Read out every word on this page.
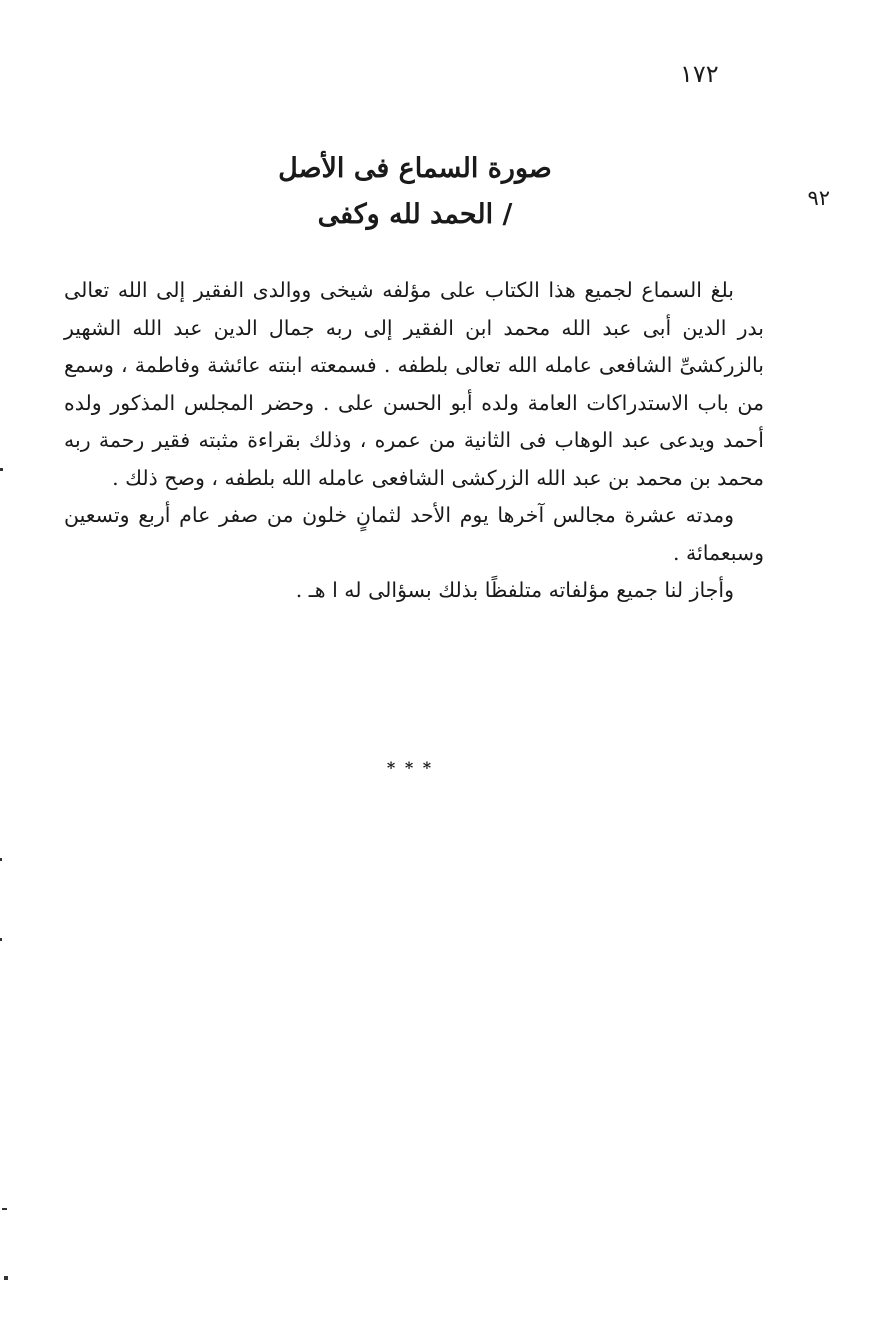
١٧٢
٩٢
صورة السماع فى الأصل
/ الحمد لله وكفى

بلغ السماع لجميع هذا الكتاب على مؤلفه شيخى ووالدى الفقير إلى الله تعالى بدر الدين أبى عبد الله محمد ابن الفقير إلى ربه جمال الدين عبد الله الشهير بالزركشىِّ الشافعى عامله الله تعالى بلطفه . فسمعته ابنته عائشة وفاطمة ، وسمع من باب الاستدراكات العامة ولده أبو الحسن على . وحضر المجلس المذكور ولده أحمد ويدعى عبد الوهاب فى الثانية من عمره ، وذلك بقراءة مثبته فقير رحمة ربه محمد بن محمد بن عبد الله الزركشى الشافعى عامله الله بلطفه ، وصح ذلك .

ومدته عشرة مجالس آخرها يوم الأحد لثمانٍ خلون من صفر عام أربع وتسعين وسبعمائة .

وأجاز لنا جميع مؤلفاته متلفظًا بذلك بسؤالى له ا هـ .

* * *
